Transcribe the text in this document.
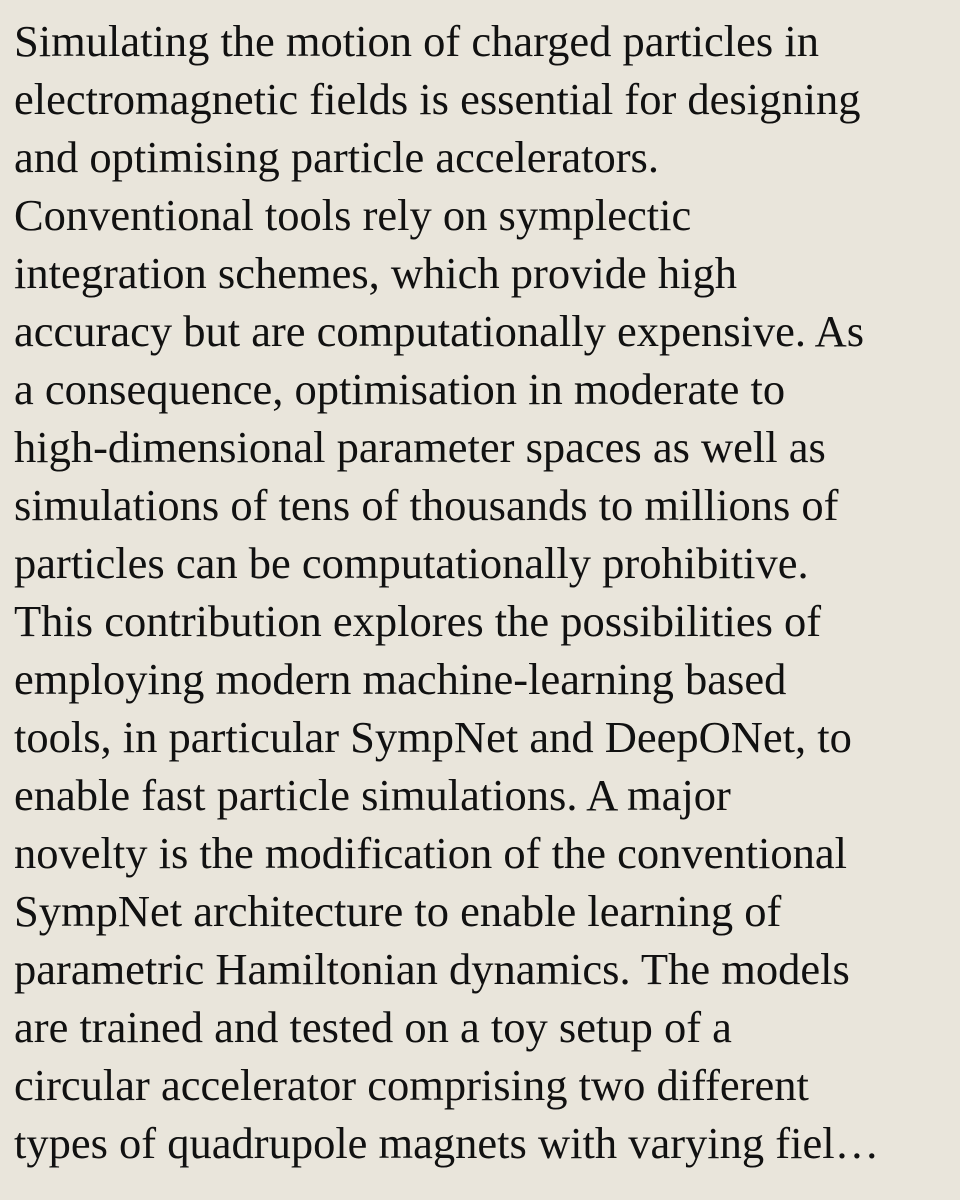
Simulating the motion of charged particles in
electromagnetic fields is essential for designing
and optimising particle accelerators.
Conventional tools rely on symplectic
integration schemes, which provide high
accuracy but are computationally expensive. As
a consequence, optimisation in moderate to
high-dimensional parameter spaces as well as
simulations of tens of thousands to millions of
particles can be computationally prohibitive.
This contribution explores the possibilities of
employing modern machine-learning based
tools, in particular SympNet and DeepONet, to
enable fast particle simulations. A major
novelty is the modification of the conventional
SympNet architecture to enable learning of
parametric Hamiltonian dynamics. The models
are trained and tested on a toy setup of a
circular accelerator comprising two different
types of quadrupole magnets with varying fiel…
